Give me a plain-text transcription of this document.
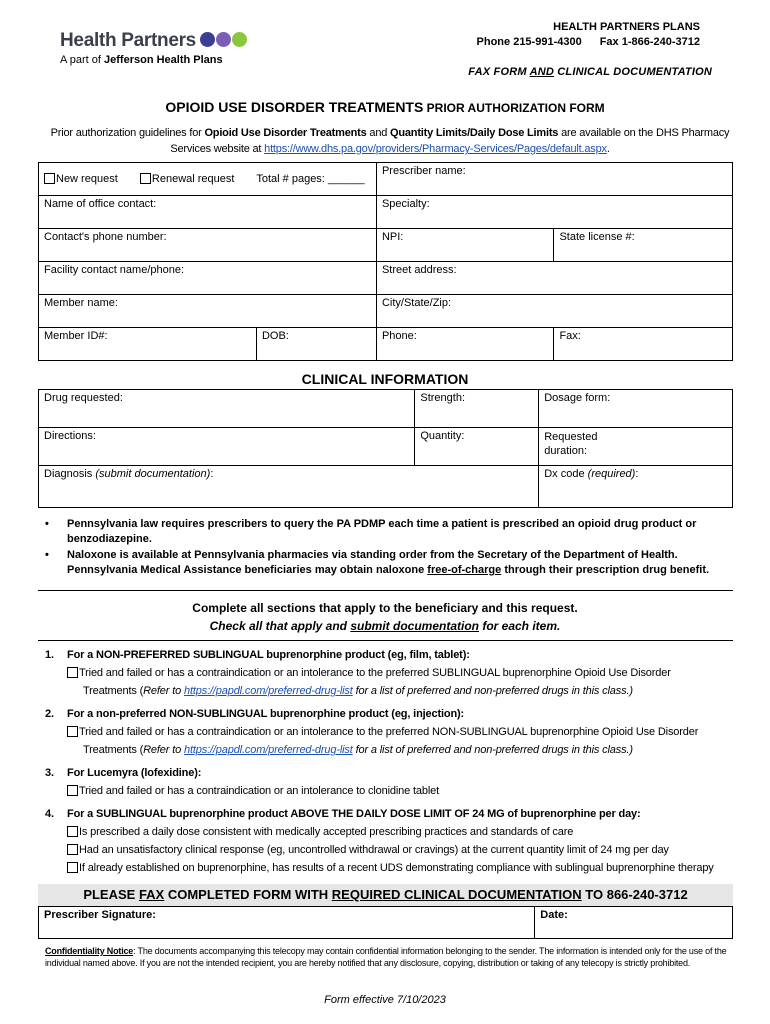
Health Partners

A part of Jefferson Health Plans
HEALTH PARTNERS PLANS
Phone 215-991-4300 Fax 1-866-240-3712
FAX FORM AND CLINICAL DOCUMENTATION
OPIOID USE DISORDER TREATMENTS PRIOR AUTHORIZATION FORM
Prior authorization guidelines for Opioid Use Disorder Treatments and Quantity Limits/Daily Dose Limits are available on the DHS Pharmacy Services website at https://www.dhs.pa.gov/providers/Pharmacy-Services/Pages/default.aspx.
New request Renewal request Total # pages: ______		Prescriber name:	
Name of office contact:		Specialty:	
Contact's phone number:		NPI:	State license #:
Facility contact name/phone:		Street address:	
Member name:		City/State/Zip:	
Member ID#:	DOB:	Phone:	Fax:
CLINICAL INFORMATION
Drug requested:	Strength:	Dosage form:
Directions:	Quantity:	Requested duration:
Diagnosis (submit documentation):		Dx code (required):
• Pennsylvania law requires prescribers to query the PA PDMP each time a patient is prescribed an opioid drug product or benzodiazepine.
• Naloxone is available at Pennsylvania pharmacies via standing order from the Secretary of the Department of Health. Pennsylvania Medical Assistance beneficiaries may obtain naloxone free-of-charge through their prescription drug benefit.
Complete all sections that apply to the beneficiary and this request.
Check all that apply and submit documentation for each item.
1. For a NON-PREFERRED SUBLINGUAL buprenorphine product (eg, film, tablet):
Tried and failed or has a contraindication or an intolerance to the preferred SUBLINGUAL buprenorphine Opioid Use Disorder
Treatments (Refer to https://papdl.com/preferred-drug-list for a list of preferred and non-preferred drugs in this class.)
2. For a non-preferred NON-SUBLINGUAL buprenorphine product (eg, injection):
Tried and failed or has a contraindication or an intolerance to the preferred NON-SUBLINGUAL buprenorphine Opioid Use Disorder
Treatments (Refer to https://papdl.com/preferred-drug-list for a list of preferred and non-preferred drugs in this class.)
3. For Lucemyra (lofexidine):
Tried and failed or has a contraindication or an intolerance to clonidine tablet
4. For a SUBLINGUAL buprenorphine product ABOVE THE DAILY DOSE LIMIT OF 24 MG of buprenorphine per day:
Is prescribed a daily dose consistent with medically accepted prescribing practices and standards of care
Had an unsatisfactory clinical response (eg, uncontrolled withdrawal or cravings) at the current quantity limit of 24 mg per day
If already established on buprenorphine, has results of a recent UDS demonstrating compliance with sublingual buprenorphine therapy
PLEASE FAX COMPLETED FORM WITH REQUIRED CLINICAL DOCUMENTATION TO 866-240-3712
Prescriber Signature:	Date:
Confidentiality Notice: The documents accompanying this telecopy may contain confidential information belonging to the sender. The information is intended only for the use of the individual named above. If you are not the intended recipient, you are hereby notified that any disclosure, copying, distribution or taking of any telecopy is strictly prohibited.
Form effective 7/10/2023
